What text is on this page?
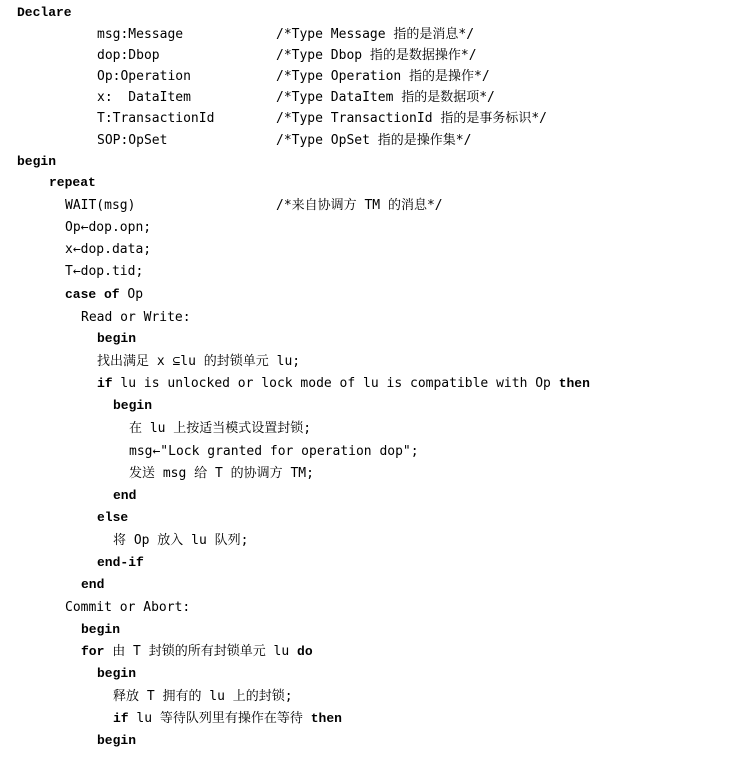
Declare
msg:Message	/*Type Message 指的是消息*/
dop:Dbop	/*Type Dbop 指的是数据操作*/
Op:Operation	/*Type Operation 指的是操作*/
x:  DataItem	/*Type DataItem 指的是数据项*/
T:TransactionId	/*Type TransactionId 指的是事务标识*/
SOP:OpSet	/*Type OpSet 指的是操作集*/
begin
repeat
WAIT(msg)	/*来自协调方 TM 的消息*/
Op←dop.opn;
x←dop.data;
T←dop.tid;
case of Op
Read or Write:
begin
找出满足 x ⊆lu 的封锁单元 lu;
if lu is unlocked or lock mode of lu is compatible with Op then
begin
在 lu 上按适当模式设置封锁;
msg←"Lock granted for operation dop";
发送 msg 给 T 的协调方 TM;
end
else
将 Op 放入 lu 队列;
end-if
end
Commit or Abort:
begin
for 由 T 封锁的所有封锁单元 lu do
begin
释放 T 拥有的 lu 上的封锁;
if lu 等待队列里有操作在等待 then
begin
